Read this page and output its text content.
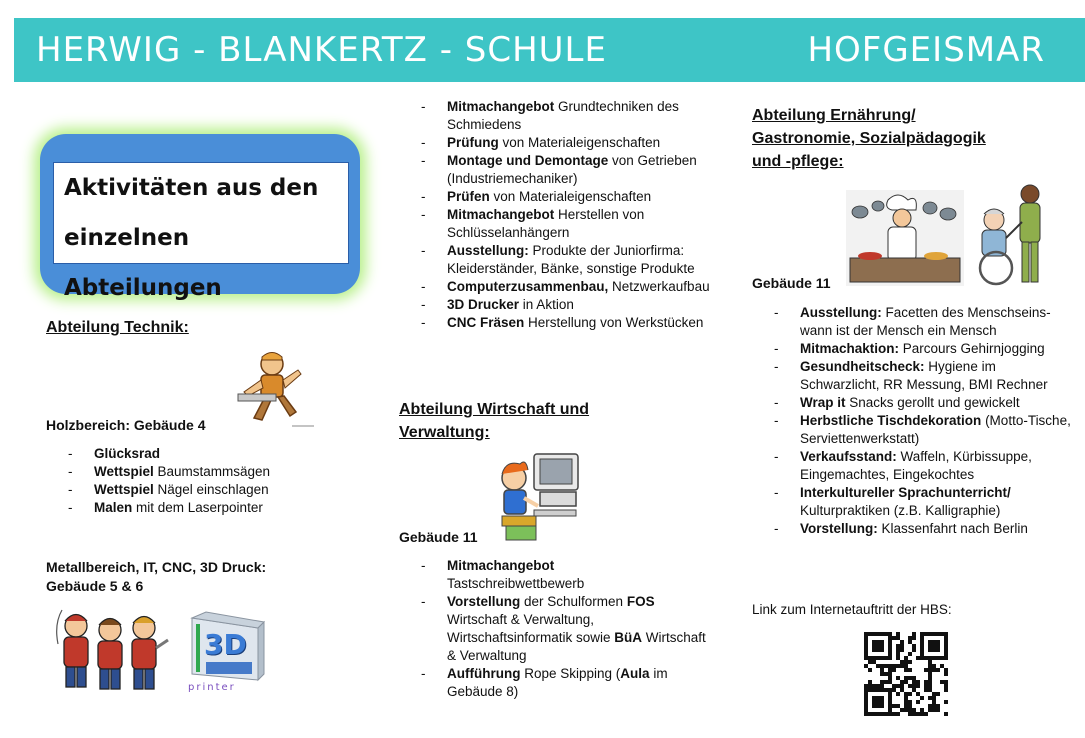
HERWIG - BLANKERTZ - SCHULE	HOFGEISMAR
Aktivitäten aus den
einzelnen Abteilungen
Abteilung Technik:
Holzbereich: Gebäude 4
- Glücksrad
- Wettspiel Baumstammsägen
- Wettspiel Nägel einschlagen
- Malen mit dem Laserpointer
Metallbereich, IT, CNC, 3D Druck:
Gebäude 5 & 6
3D
printer
- Mitmachangebot Grundtechniken des Schmiedens
- Prüfung von Materialeigenschaften
- Montage und Demontage von Getrieben (Industriemechaniker)
- Prüfen von Materialeigenschaften
- Mitmachangebot Herstellen von Schlüsselanhängern
- Ausstellung: Produkte der Juniorfirma: Kleiderständer, Bänke, sonstige Produkte
- Computerzusammenbau, Netzwerkaufbau
- 3D Drucker in Aktion
- CNC Fräsen Herstellung von Werkstücken
Abteilung Wirtschaft und
Verwaltung:
Gebäude 11
- Mitmachangebot
Tastschreibwettbewerb
- Vorstellung der Schulformen FOS Wirtschaft & Verwaltung, Wirtschaftsinformatik sowie BüA Wirtschaft & Verwaltung
- Aufführung Rope Skipping (Aula im Gebäude 8)
Abteilung Ernährung/
Gastronomie, Sozialpädagogik
und -pflege:
Gebäude 11
- Ausstellung: Facetten des Menschseins- wann ist der Mensch ein Mensch
- Mitmachaktion: Parcours Gehirnjogging
- Gesundheitscheck: Hygiene im Schwarzlicht, RR Messung, BMI Rechner
- Wrap it Snacks gerollt und gewickelt
- Herbstliche Tischdekoration (Motto-Tische, Serviettenwerkstatt)
- Verkaufsstand: Waffeln, Kürbissuppe, Eingemachtes, Eingekochtes
- Interkultureller Sprachunterricht/ Kulturpraktiken (z.B. Kalligraphie)
- Vorstellung: Klassenfahrt nach Berlin
Link zum Internetauftritt der HBS:
